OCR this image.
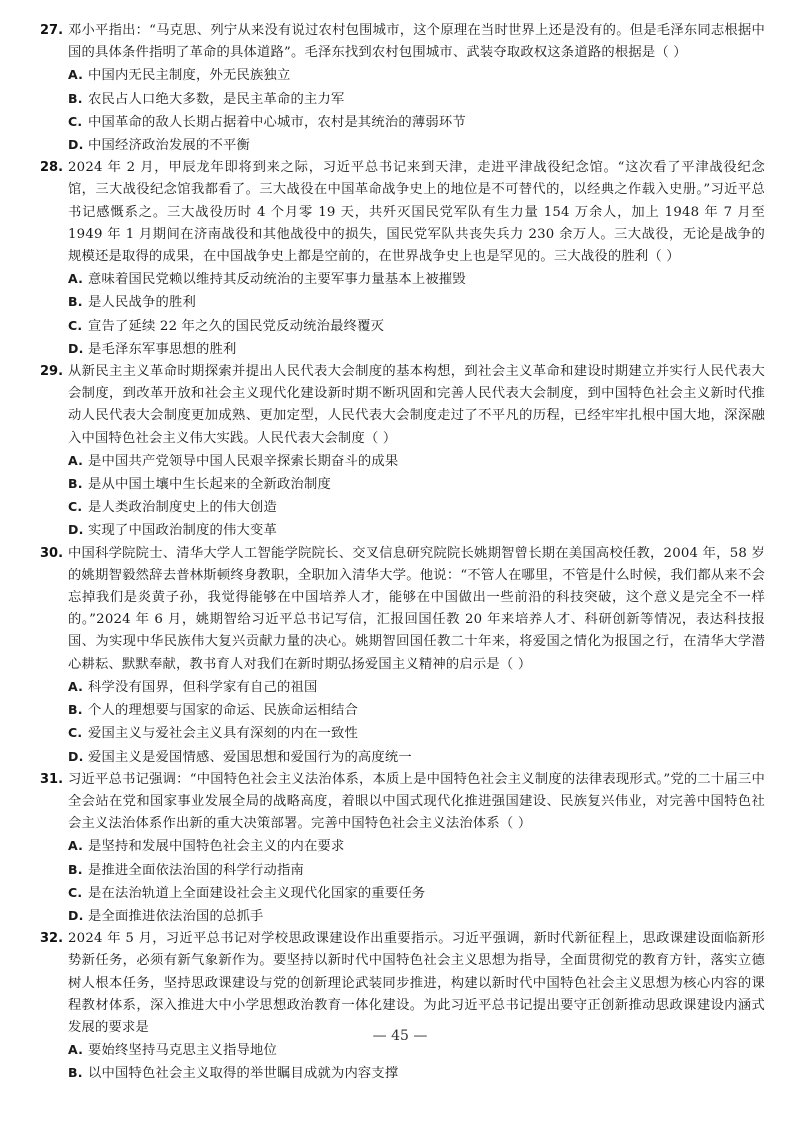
27. 邓小平指出：“马克思、列宁从来没有说过农村包围城市，这个原理在当时世界上还是没有的。但是毛泽东同志根据中国的具体条件指明了革命的具体道路”。毛泽东找到农村包围城市、武装夺取政权这条道路的根据是（ ）
A. 中国内无民主制度，外无民族独立
B. 农民占人口绝大多数，是民主革命的主力军
C. 中国革命的敌人长期占据着中心城市，农村是其统治的薄弱环节
D. 中国经济政治发展的不平衡
28. 2024 年 2 月，甲辰龙年即将到来之际，习近平总书记来到天津，走进平津战役纪念馆。“这次看了平津战役纪念馆，三大战役纪念馆我都看了。三大战役在中国革命战争史上的地位是不可替代的，以经典之作载入史册。”习近平总书记感慨系之。三大战役历时 4 个月零 19 天，共歼灭国民党军队有生力量 154 万余人，加上 1948 年 7 月至 1949 年 1 月期间在济南战役和其他战役中的损失，国民党军队共丧失兵力 230 余万人。三大战役，无论是战争的规模还是取得的成果，在中国战争史上都是空前的，在世界战争史上也是罕见的。三大战役的胜利（ ）
A. 意味着国民党赖以维持其反动统治的主要军事力量基本上被摧毁
B. 是人民战争的胜利
C. 宣告了延续 22 年之久的国民党反动统治最终覆灭
D. 是毛泽东军事思想的胜利
29. 从新民主主义革命时期探索并提出人民代表大会制度的基本构想，到社会主义革命和建设时期建立并实行人民代表大会制度，到改革开放和社会主义现代化建设新时期不断巩固和完善人民代表大会制度，到中国特色社会主义新时代推动人民代表大会制度更加成熟、更加定型，人民代表大会制度走过了不平凡的历程，已经牢牢扎根中国大地，深深融入中国特色社会主义伟大实践。人民代表大会制度（ ）
A. 是中国共产党领导中国人民艰辛探索长期奋斗的成果
B. 是从中国土壤中生长起来的全新政治制度
C. 是人类政治制度史上的伟大创造
D. 实现了中国政治制度的伟大变革
30. 中国科学院院士、清华大学人工智能学院院长、交叉信息研究院院长姚期智曾长期在美国高校任教，2004 年，58 岁的姚期智毅然辞去普林斯顿终身教职，全职加入清华大学。他说：“不管人在哪里，不管是什么时候，我们都从来不会忘掉我们是炎黄子孙，我觉得能够在中国培养人才，能够在中国做出一些前沿的科技突破，这个意义是完全不一样的。”2024 年 6 月，姚期智给习近平总书记写信，汇报回国任教 20 年来培养人才、科研创新等情况，表达科技报国、为实现中华民族伟大复兴贡献力量的决心。姚期智回国任教二十年来，将爱国之情化为报国之行，在清华大学潜心耕耘、默默奉献，教书育人对我们在新时期弘扬爱国主义精神的启示是（ ）
A. 科学没有国界，但科学家有自己的祖国
B. 个人的理想要与国家的命运、民族命运相结合
C. 爱国主义与爱社会主义具有深刻的内在一致性
D. 爱国主义是爱国情感、爱国思想和爱国行为的高度统一
31. 习近平总书记强调：“中国特色社会主义法治体系，本质上是中国特色社会主义制度的法律表现形式。”党的二十届三中全会站在党和国家事业发展全局的战略高度，着眼以中国式现代化推进强国建设、民族复兴伟业，对完善中国特色社会主义法治体系作出新的重大决策部署。完善中国特色社会主义法治体系（ ）
A. 是坚持和发展中国特色社会主义的内在要求
B. 是推进全面依法治国的科学行动指南
C. 是在法治轨道上全面建设社会主义现代化国家的重要任务
D. 是全面推进依法治国的总抓手
32. 2024 年 5 月，习近平总书记对学校思政课建设作出重要指示。习近平强调，新时代新征程上，思政课建设面临新形势新任务，必须有新气象新作为。要坚持以新时代中国特色社会主义思想为指导，全面贯彻党的教育方针，落实立德树人根本任务，坚持思政课建设与党的创新理论武装同步推进，构建以新时代中国特色社会主义思想为核心内容的课程教材体系，深入推进大中小学思想政治教育一体化建设。为此习近平总书记提出要守正创新推动思政课建设内涵式发展的要求是
A. 要始终坚持马克思主义指导地位
B. 以中国特色社会主义取得的举世瞩目成就为内容支撑
— 45 —
